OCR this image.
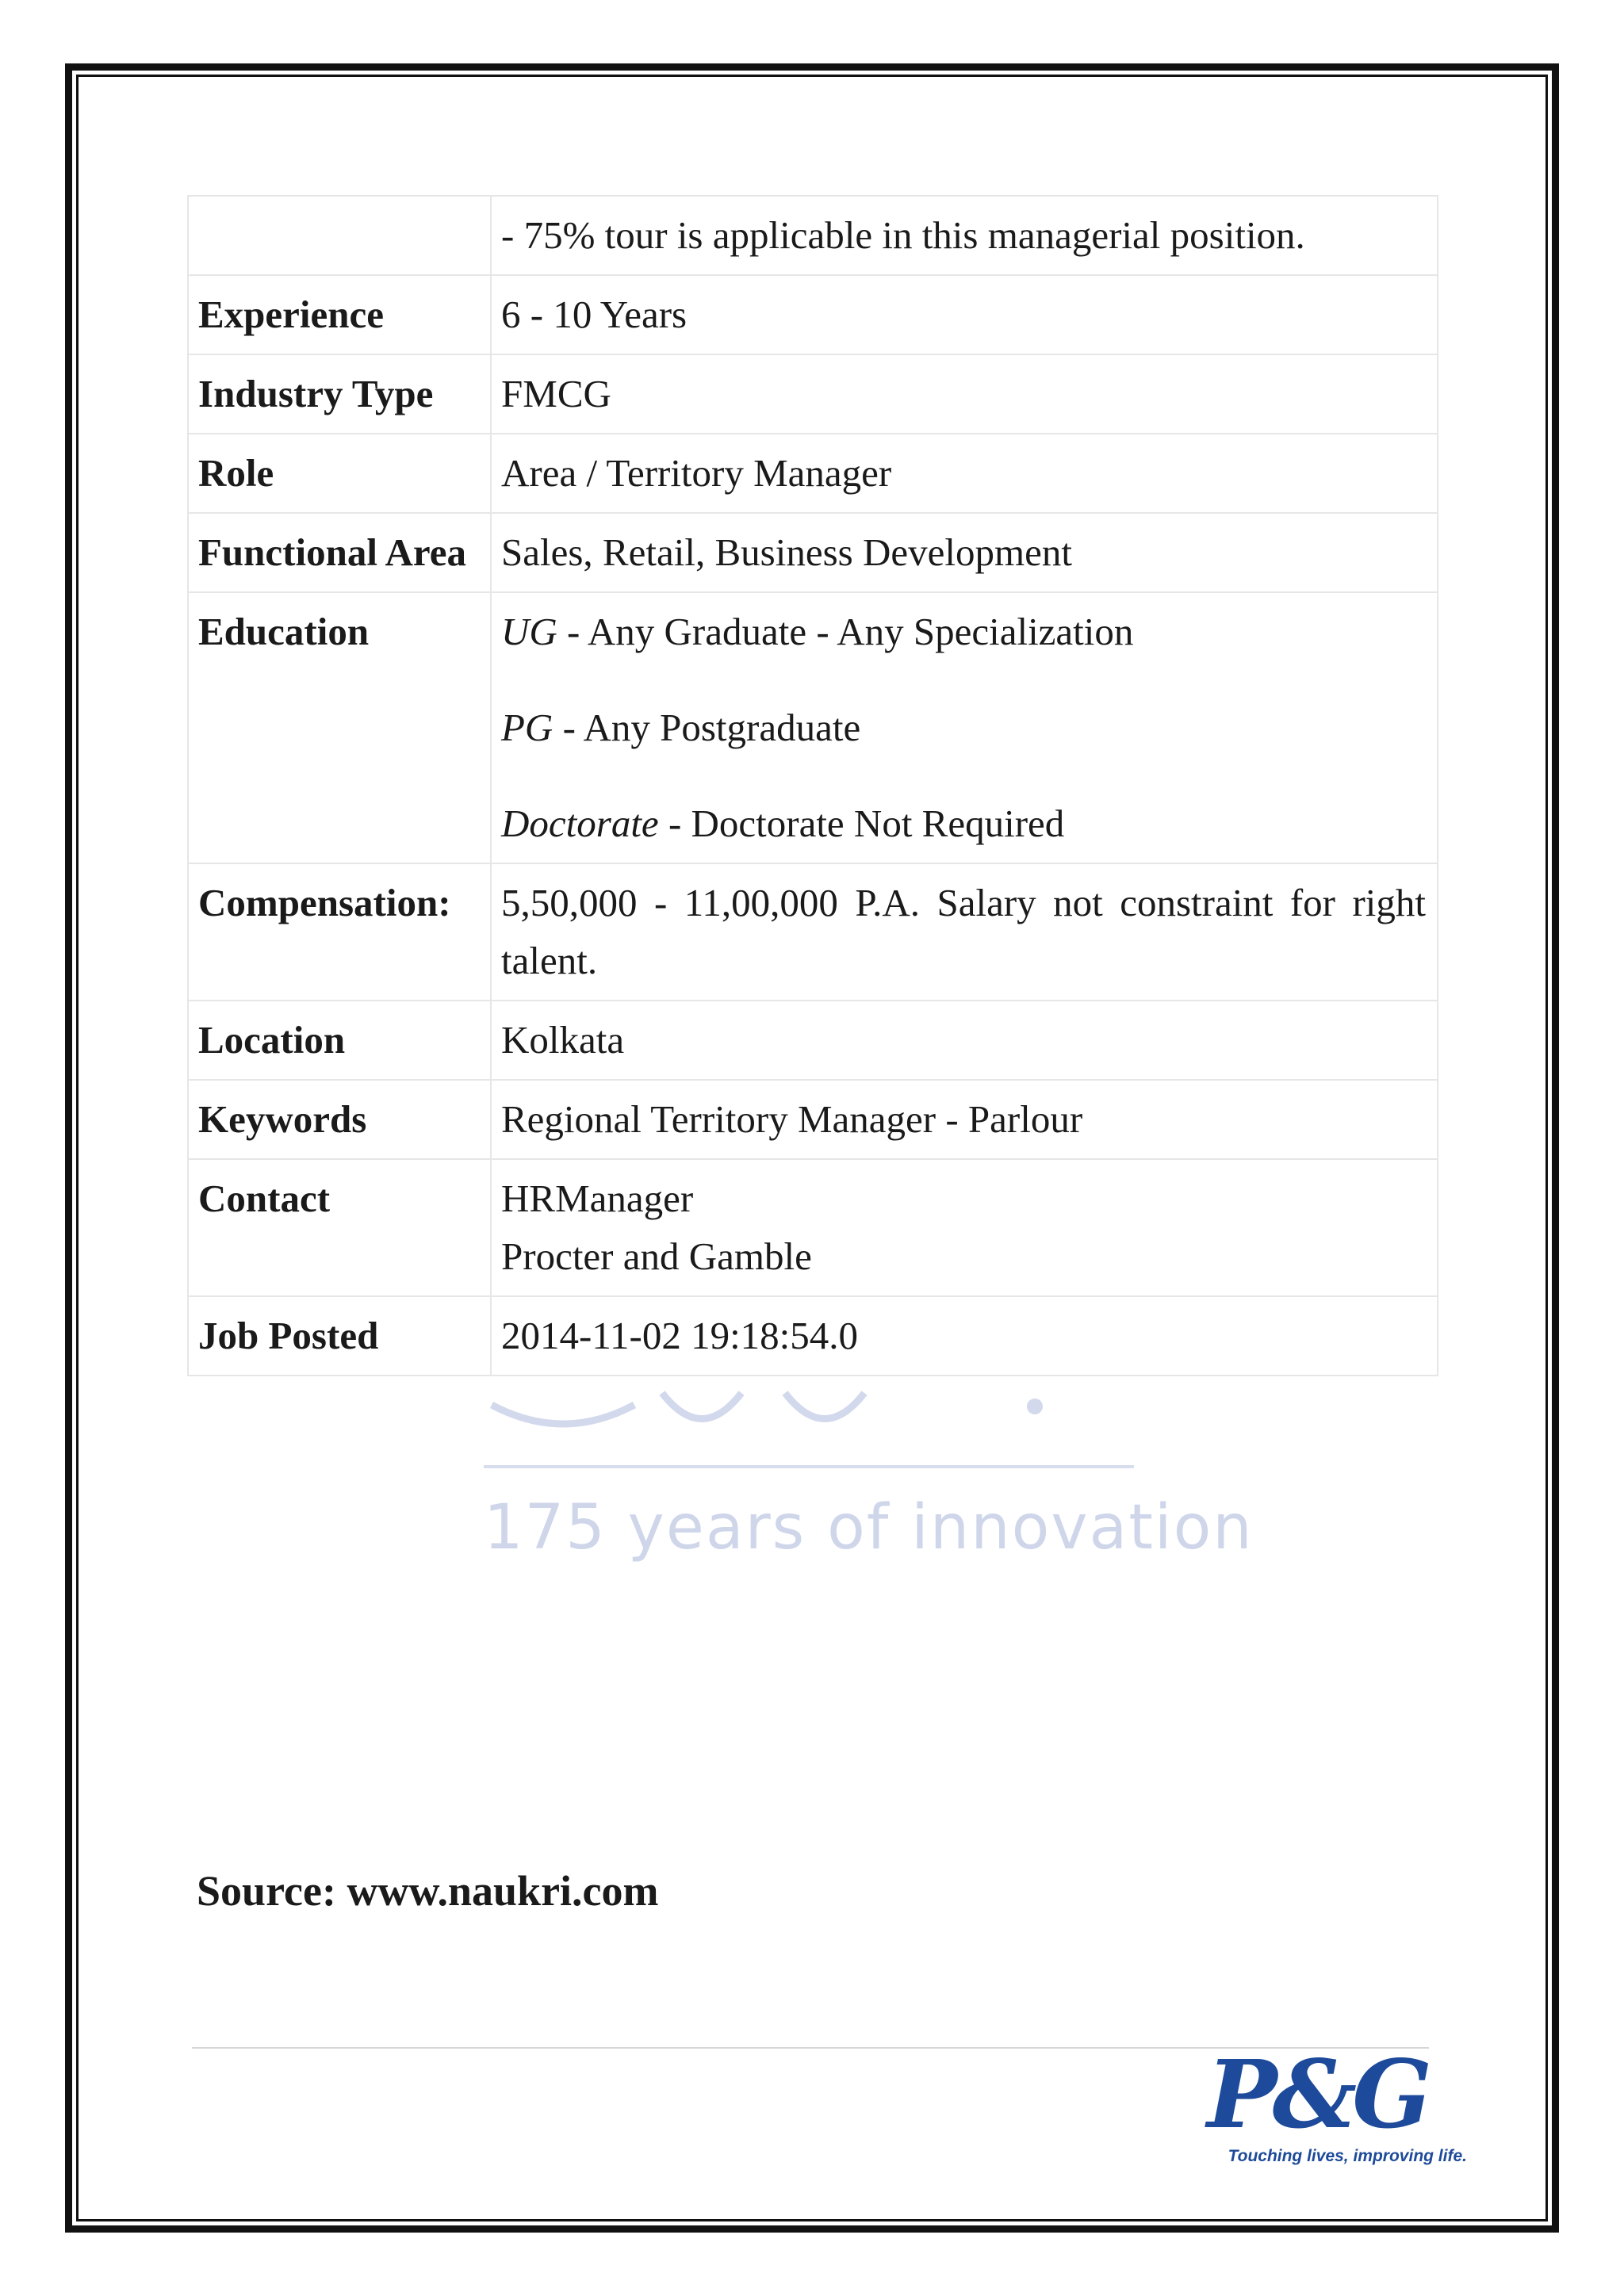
	- 75% tour is applicable in this managerial position.
Experience	6 - 10 Years
Industry Type	FMCG
Role	Area / Territory Manager
Functional Area	Sales, Retail, Business Development
Education	UG - Any Graduate - Any Specialization
PG - Any Postgraduate
Doctorate - Doctorate Not Required

Compensation:	5,50,000 - 11,00,000 P.A. Salary not constraint for right talent.
Location	Kolkata
Keywords	Regional Territory Manager - Parlour
Contact	HRManager
Procter and Gamble

Job Posted	2014-11-02 19:18:54.0
175 years of innovation
Source: www.naukri.com
P&G
Touching lives, improving life.
